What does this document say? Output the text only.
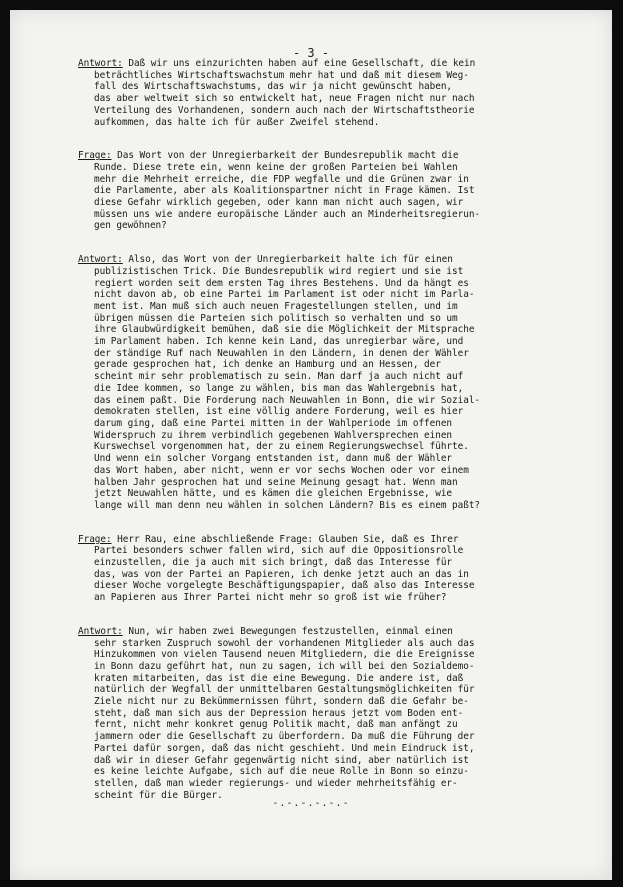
- 3 -
Antwort: Daß wir uns einzurichten haben auf eine Gesellschaft, die kein
beträchtliches Wirtschaftswachstum mehr hat und daß mit diesem Weg-
fall des Wirtschaftswachstums, das wir ja nicht gewünscht haben,
das aber weltweit sich so entwickelt hat, neue Fragen nicht nur nach
Verteilung des Vorhandenen, sondern auch nach der Wirtschaftstheorie
aufkommen, das halte ich für außer Zweifel stehend.
Frage: Das Wort von der Unregierbarkeit der Bundesrepublik macht die
Runde. Diese trete ein, wenn keine der großen Parteien bei Wahlen
mehr die Mehrheit erreiche, die FDP wegfalle und die Grünen zwar in
die Parlamente, aber als Koalitionspartner nicht in Frage kämen. Ist
diese Gefahr wirklich gegeben, oder kann man nicht auch sagen, wir
müssen uns wie andere europäische Länder auch an Minderheitsregierun-
gen gewöhnen?
Antwort: Also, das Wort von der Unregierbarkeit halte ich für einen
publizistischen Trick. Die Bundesrepublik wird regiert und sie ist
regiert worden seit dem ersten Tag ihres Bestehens. Und da hängt es
nicht davon ab, ob eine Partei im Parlament ist oder nicht im Parla-
ment ist. Man muß sich auch neuen Fragestellungen stellen, und im
übrigen müssen die Parteien sich politisch so verhalten und so um
ihre Glaubwürdigkeit bemühen, daß sie die Möglichkeit der Mitsprache
im Parlament haben. Ich kenne kein Land, das unregierbar wäre, und
der ständige Ruf nach Neuwahlen in den Ländern, in denen der Wähler
gerade gesprochen hat, ich denke an Hamburg und an Hessen, der
scheint mir sehr problematisch zu sein. Man darf ja auch nicht auf
die Idee kommen, so lange zu wählen, bis man das Wahlergebnis hat,
das einem paßt. Die Forderung nach Neuwahlen in Bonn, die wir Sozial-
demokraten stellen, ist eine völlig andere Forderung, weil es hier
darum ging, daß eine Partei mitten in der Wahlperiode im offenen
Widerspruch zu ihrem verbindlich gegebenen Wahlversprechen einen
Kurswechsel vorgenommen hat, der zu einem Regierungswechsel führte.
Und wenn ein solcher Vorgang entstanden ist, dann muß der Wähler
das Wort haben, aber nicht, wenn er vor sechs Wochen oder vor einem
halben Jahr gesprochen hat und seine Meinung gesagt hat. Wenn man
jetzt Neuwahlen hätte, und es kämen die gleichen Ergebnisse, wie
lange will man denn neu wählen in solchen Ländern? Bis es einem paßt?
Frage: Herr Rau, eine abschließende Frage: Glauben Sie, daß es Ihrer
Partei besonders schwer fallen wird, sich auf die Oppositionsrolle
einzustellen, die ja auch mit sich bringt, daß das Interesse für
das, was von der Partei an Papieren, ich denke jetzt auch an das in
dieser Woche vorgelegte Beschäftigungspapier, daß also das Interesse
an Papieren aus Ihrer Partei nicht mehr so groß ist wie früher?
Antwort: Nun, wir haben zwei Bewegungen festzustellen, einmal einen
sehr starken Zuspruch sowohl der vorhandenen Mitglieder als auch das
Hinzukommen von vielen Tausend neuen Mitgliedern, die die Ereignisse
in Bonn dazu geführt hat, nun zu sagen, ich will bei den Sozialdemo-
kraten mitarbeiten, das ist die eine Bewegung. Die andere ist, daß
natürlich der Wegfall der unmittelbaren Gestaltungsmöglichkeiten für
Ziele nicht nur zu Bekümmernissen führt, sondern daß die Gefahr be-
steht, daß man sich aus der Depression heraus jetzt vom Boden ent-
fernt, nicht mehr konkret genug Politik macht, daß man anfängt zu
jammern oder die Gesellschaft zu überfordern. Da muß die Führung der
Partei dafür sorgen, daß das nicht geschieht. Und mein Eindruck ist,
daß wir in dieser Gefahr gegenwärtig nicht sind, aber natürlich ist
es keine leichte Aufgabe, sich auf die neue Rolle in Bonn so einzu-
stellen, daß man wieder regierungs- und wieder mehrheitsfähig er-
scheint für die Bürger.
-.-.-.-.-.-
